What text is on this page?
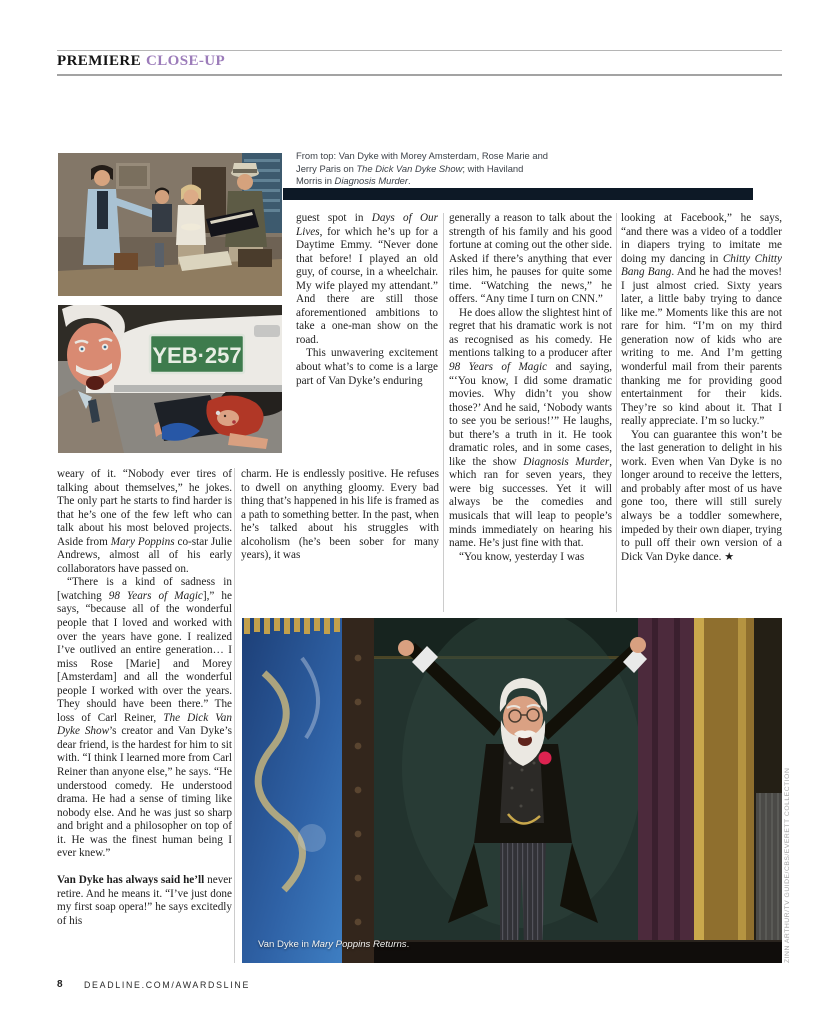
PREMIERE CLOSE-UP
YEB·257
From top: Van Dyke with Morey Amsterdam, Rose Marie and Jerry Paris on The Dick Van Dyke Show; with Haviland Morris in Diagnosis Murder.

guest spot in Days of Our Lives, for which he’s up for a Daytime Emmy. “Never done that before! I played an old guy, of course, in a wheelchair. My wife played my attendant.” And there are still those aforementioned ambitions to take a one-man show on the road.

This unwavering excitement about what’s to come is a large part of Van Dyke’s enduring

generally a reason to talk about the strength of his family and his good fortune at coming out the other side. Asked if there’s anything that ever riles him, he pauses for quite some time. “Watching the news,” he offers. “Any time I turn on CNN.”

He does allow the slightest hint of regret that his dramatic work is not as recognised as his comedy. He mentions talking to a producer after 98 Years of Magic and saying, “‘You know, I did some dramatic movies. Why didn’t you show those?’ And he said, ‘Nobody wants to see you be serious!’” He laughs, but there’s a truth in it. He took dramatic roles, and in some cases, like the show Diagnosis Murder, which ran for seven years, they were big successes. Yet it will always be the comedies and musicals that will leap to people’s minds immediately on hearing his name. He’s just fine with that.

“You know, yesterday I was

looking at Facebook,” he says, “and there was a video of a toddler in diapers trying to imitate me doing my dancing in Chitty Chitty Bang Bang. And he had the moves! I just almost cried. Sixty years later, a little baby trying to dance like me.” Moments like this are not rare for him. “I’m on my third generation now of kids who are writing to me. And I’m getting wonderful mail from their parents thanking me for providing good entertainment for their kids. They’re so kind about it. That I really appreciate. I’m so lucky.”

You can guarantee this won’t be the last generation to delight in his work. Even when Van Dyke is no longer around to receive the letters, and probably after most of us have gone too, there will still surely always be a toddler somewhere, impeded by their own diaper, trying to pull off their own version of a Dick Van Dyke dance. ★

weary of it. “Nobody ever tires of talking about themselves,” he jokes. The only part he starts to find harder is that he’s one of the few left who can talk about his most beloved projects. Aside from Mary Poppins co-star Julie Andrews, almost all of his early collaborators have passed on.

“There is a kind of sadness in [watching 98 Years of Magic],” he says, “because all of the wonderful people that I loved and worked with over the years have gone. I realized I’ve outlived an entire generation… I miss Rose [Marie] and Morey [Amsterdam] and all the wonderful people I worked with over the years. They should have been there.” The loss of Carl Reiner, The Dick Van Dyke Show’s creator and Van Dyke’s dear friend, is the hardest for him to sit with. “I think I learned more from Carl Reiner than anyone else,” he says. “He understood comedy. He understood drama. He had a sense of timing like nobody else. And he was just so sharp and bright and a philosopher on top of it. He was the finest human being I ever knew.”

Van Dyke has always said he’ll never retire. And he means it. “I’ve just done my first soap opera!” he says excitedly of his

charm. He is endlessly positive. He refuses to dwell on anything gloomy. Every bad thing that’s happened in his life is framed as a path to something better. In the past, when he’s talked about his struggles with alcoholism (he’s been sober for many years), it was

Van Dyke in Mary Poppins Returns.	ZINN ARTHUR/TV GUIDE/CBS/EVERETT COLLECTION
8 DEADLINE.COM/AWARDSLINE
